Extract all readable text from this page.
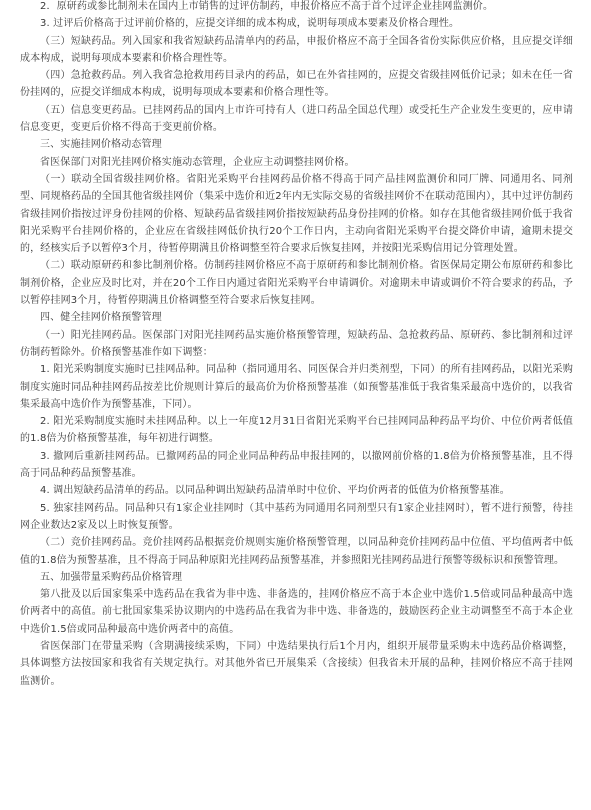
2．原研药或参比制剂未在国内上市销售的过评仿制药，申报价格应不高于首个过评企业挂网监测价。

3. 过评后价格高于过评前价格的，应提交详细的成本构成，说明每项成本要素及价格合理性。

（三）短缺药品。列入国家和我省短缺药品清单内的药品，申报价格应不高于全国各省份实际供应价格，且应提交详细成本构成，说明每项成本要素和价格合理性等。

（四）急抢救药品。列入我省急抢救用药目录内的药品，如已在外省挂网的，应提交省级挂网低价记录；如未在任一省份挂网的，应提交详细成本构成，说明每项成本要素和价格合理性等。

（五）信息变更药品。已挂网药品的国内上市许可持有人（进口药品全国总代理）或受托生产企业发生变更的，应申请信息变更，变更后价格不得高于变更前价格。

三、实施挂网价格动态管理

省医保部门对阳光挂网价格实施动态管理，企业应主动调整挂网价格。

（一）联动全国省级挂网价格。省阳光采购平台挂网药品价格不得高于同产品挂网监测价和同厂牌、同通用名、同剂型、同规格药品的全国其他省级挂网价（集采中选价和近2年内无实际交易的省级挂网价不在联动范围内），其中过评仿制药省级挂网价指按过评身份挂网的价格、短缺药品省级挂网价指按短缺药品身份挂网的价格。如存在其他省级挂网价低于我省阳光采购平台挂网价格的，企业应在省级挂网低价执行20个工作日内，主动向省阳光采购平台提交降价申请，逾期未提交的，经核实后予以暂停3个月，待暂停期满且价格调整至符合要求后恢复挂网，并按阳光采购信用记分管理处置。

（二）联动原研药和参比制剂价格。仿制药挂网价格应不高于原研药和参比制剂价格。省医保局定期公布原研药和参比制剂价格，企业应及时比对，并在20个工作日内通过省阳光采购平台申请调价。对逾期未申请或调价不符合要求的药品，予以暂停挂网3个月，待暂停期满且价格调整至符合要求后恢复挂网。

四、健全挂网价格预警管理

（一）阳光挂网药品。医保部门对阳光挂网药品实施价格预警管理，短缺药品、急抢救药品、原研药、参比制剂和过评仿制药暂除外。价格预警基准作如下调整：

1. 阳光采购制度实施时已挂网品种。同品种（指同通用名、同医保合并归类剂型，下同）的所有挂网药品，以阳光采购制度实施时同品种挂网药品按差比价规则计算后的最高价为价格预警基准（如预警基准低于我省集采最高中选价的，以我省集采最高中选价作为预警基准，下同）。

2. 阳光采购制度实施时未挂网品种。以上一年度12月31日省阳光采购平台已挂网同品种药品平均价、中位价两者低值的1.8倍为价格预警基准，每年初进行调整。

3. 撤网后重新挂网药品。已撤网药品的同企业同品种药品申报挂网的，以撤网前价格的1.8倍为价格预警基准，且不得高于同品种药品预警基准。

4. 调出短缺药品清单的药品。以同品种调出短缺药品清单时中位价、平均价两者的低值为价格预警基准。

5. 独家挂网药品。同品种只有1家企业挂网时（其中基药为同通用名同剂型只有1家企业挂网时），暂不进行预警，待挂网企业数达2家及以上时恢复预警。

（二）竞价挂网药品。竞价挂网药品根据竞价规则实施价格预警管理，以同品种竞价挂网药品中位值、平均值两者中低值的1.8倍为预警基准，且不得高于同品种原阳光挂网药品预警基准，并参照阳光挂网药品进行预警等级标识和预警管理。

五、加强带量采购药品价格管理

第八批及以后国家集采中选药品在我省为非中选、非备选的，挂网价格应不高于本企业中选价1.5倍或同品种最高中选价两者中的高值。前七批国家集采协议期内的中选药品在我省为非中选、非备选的，鼓励医药企业主动调整至不高于本企业中选价1.5倍或同品种最高中选价两者中的高值。

省医保部门在带量采购（含期满接续采购，下同）中选结果执行后1个月内，组织开展带量采购未中选药品价格调整，具体调整方法按国家和我省有关规定执行。对其他外省已开展集采（含接续）但我省未开展的品种，挂网价格应不高于挂网监测价。
